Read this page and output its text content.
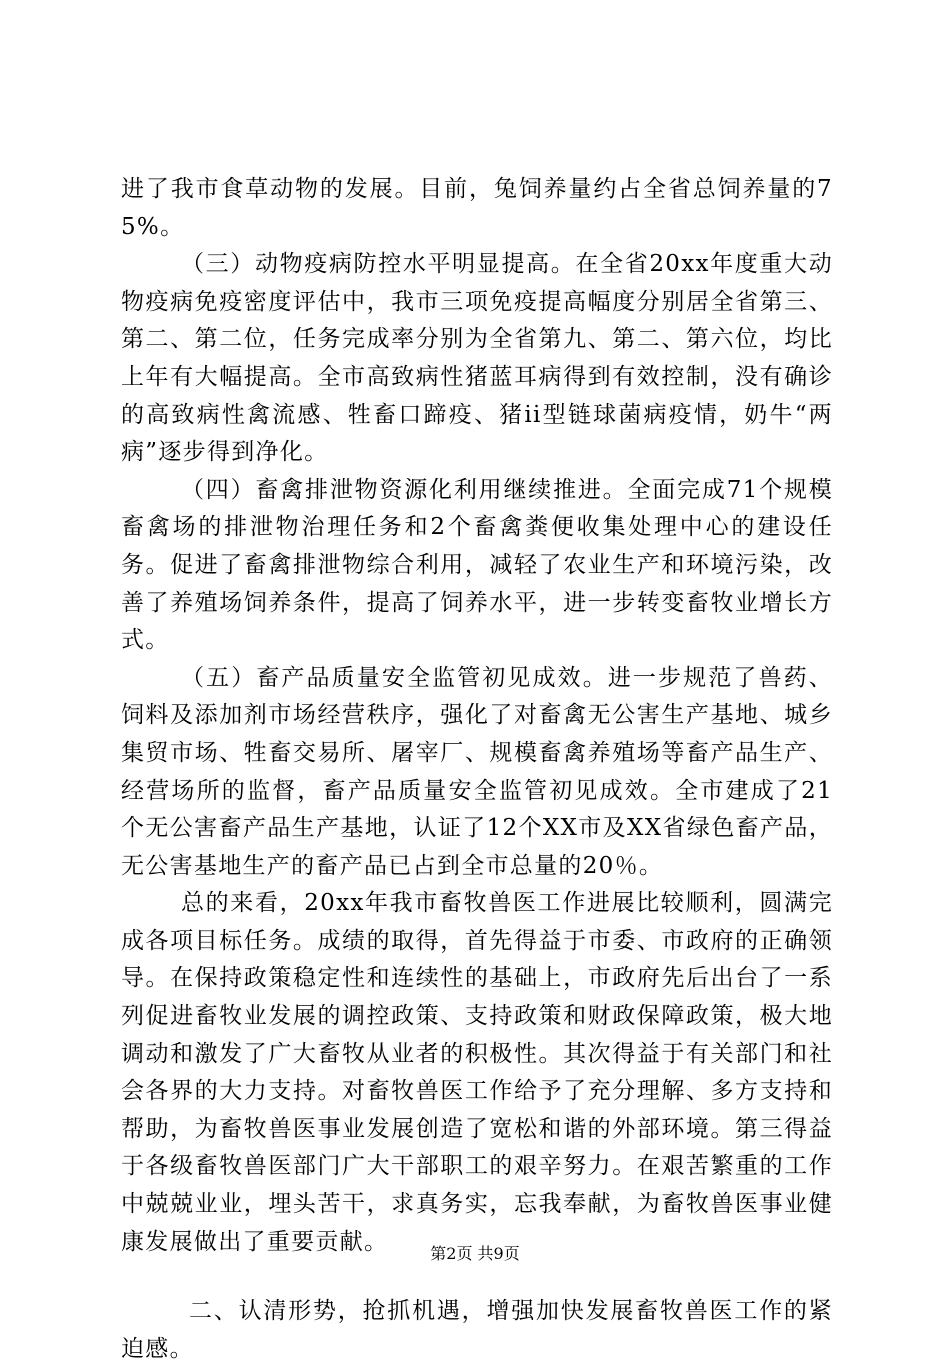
进了我市食草动物的发展。目前，兔饲养量约占全省总饲养量的75%。

（三）动物疫病防控水平明显提高。在全省20xx年度重大动物疫病免疫密度评估中，我市三项免疫提高幅度分别居全省第三、第二、第二位，任务完成率分别为全省第九、第二、第六位，均比上年有大幅提高。全市高致病性猪蓝耳病得到有效控制，没有确诊的高致病性禽流感、牲畜口蹄疫、猪ii型链球菌病疫情，奶牛“两病”逐步得到净化。

（四）畜禽排泄物资源化利用继续推进。全面完成71个规模畜禽场的排泄物治理任务和2个畜禽粪便收集处理中心的建设任务。促进了畜禽排泄物综合利用，减轻了农业生产和环境污染，改善了养殖场饲养条件，提高了饲养水平，进一步转变畜牧业增长方式。

（五）畜产品质量安全监管初见成效。进一步规范了兽药、饲料及添加剂市场经营秩序，强化了对畜禽无公害生产基地、城乡集贸市场、牲畜交易所、屠宰厂、规模畜禽养殖场等畜产品生产、经营场所的监督，畜产品质量安全监管初见成效。全市建成了21个无公害畜产品生产基地，认证了12个XX市及XX省绿色畜产品，无公害基地生产的畜产品已占到全市总量的20％。

总的来看，20xx年我市畜牧兽医工作进展比较顺利，圆满完成各项目标任务。成绩的取得，首先得益于市委、市政府的正确领导。在保持政策稳定性和连续性的基础上，市政府先后出台了一系列促进畜牧业发展的调控政策、支持政策和财政保障政策，极大地调动和激发了广大畜牧从业者的积极性。其次得益于有关部门和社会各界的大力支持。对畜牧兽医工作给予了充分理解、多方支持和帮助，为畜牧兽医事业发展创造了宽松和谐的外部环境。第三得益于各级畜牧兽医部门广大干部职工的艰辛努力。在艰苦繁重的工作中兢兢业业，埋头苦干，求真务实，忘我奉献，为畜牧兽医事业健康发展做出了重要贡献。

二、认清形势，抢抓机遇，增强加快发展畜牧兽医工作的紧迫感。

第2页 共9页
